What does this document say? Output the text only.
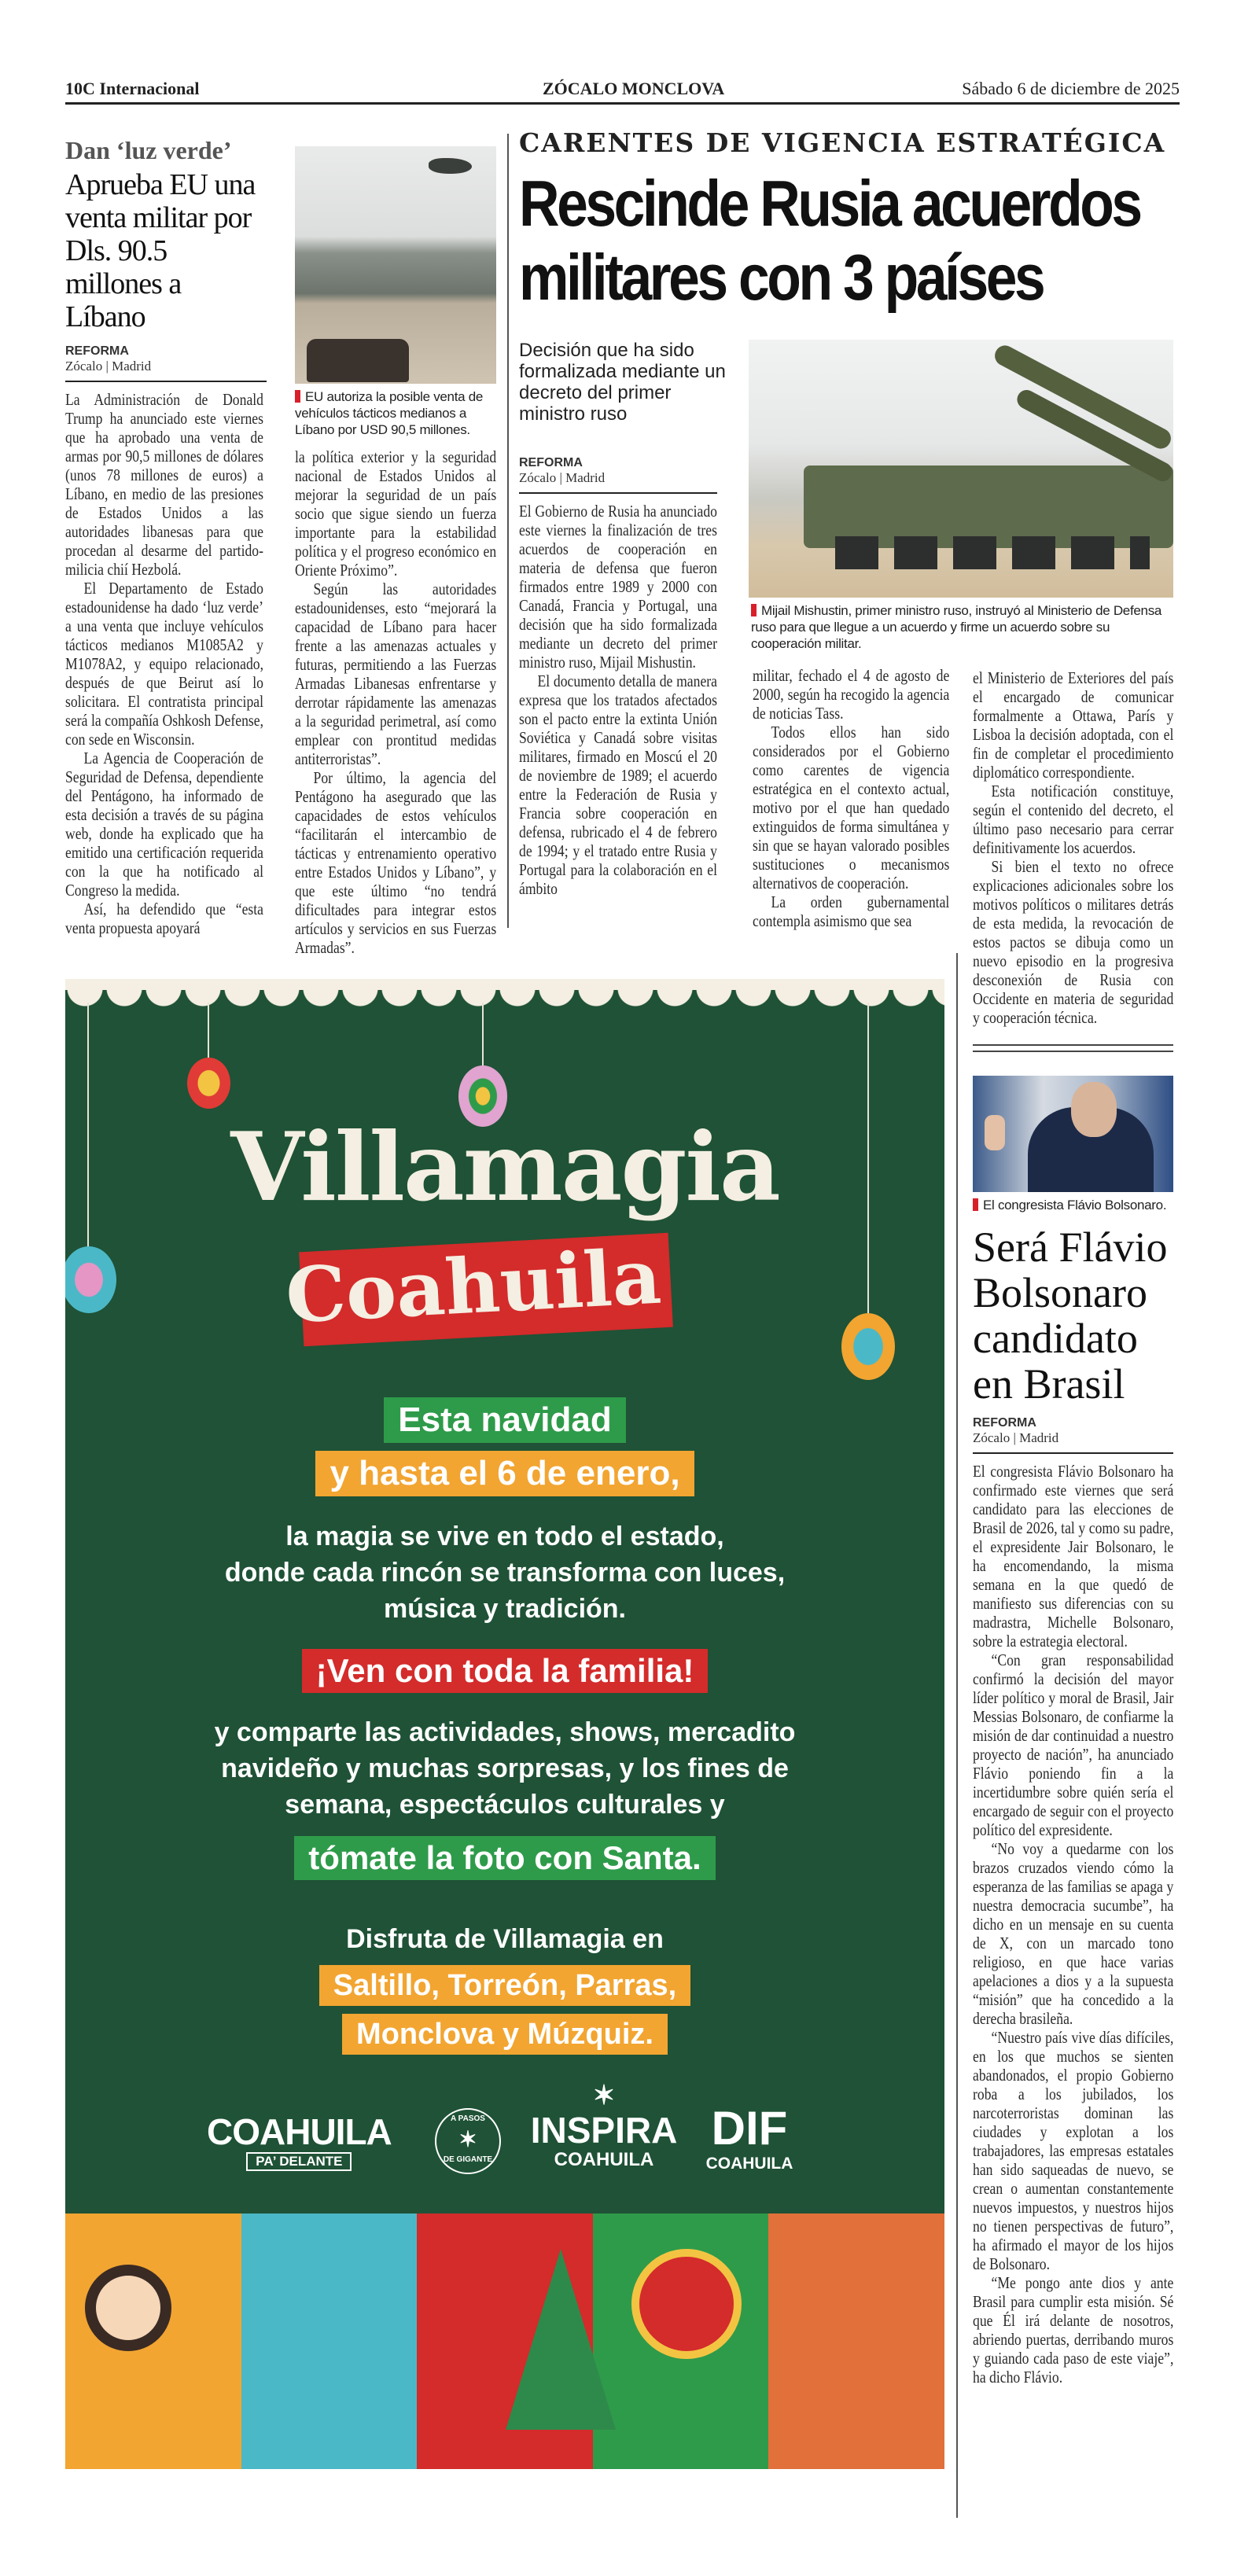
10C Internacional	ZÓCALO MONCLOVA	Sábado 6 de diciembre de 2025
Dan ‘luz verde’
Aprueba EU una venta militar por Dls. 90.5 millones a Líbano
REFORMA
Zócalo | Madrid

La Administración de Donald Trump ha anunciado este viernes que ha aprobado una venta de armas por 90,5 millones de dólares (unos 78 millones de euros) a Líbano, en medio de las presiones de Estados Unidos a las autoridades libanesas para que procedan al desarme del partido-milicia chií Hezbolá.

El Departamento de Estado estadounidense ha dado ‘luz verde’ a una venta que incluye vehículos tácticos medianos M1085A2 y M1078A2, y equipo relacionado, después de que Beirut así lo solicitara. El contratista principal será la compañía Oshkosh Defense, con sede en Wisconsin.

La Agencia de Cooperación de Seguridad de Defensa, dependiente del Pentágono, ha informado de esta decisión a través de su página web, donde ha explicado que ha emitido una certificación requerida con la que ha notificado al Congreso la medida.

Así, ha defendido que “esta venta propuesta apoyará

EU autoriza la posible venta de vehículos tácticos medianos a Líbano por USD 90,5 millones.

la política exterior y la seguridad nacional de Estados Unidos al mejorar la seguridad de un país socio que sigue siendo un fuerza importante para la estabilidad política y el progreso económico en Oriente Próximo”.

Según las autoridades estadounidenses, esto “mejorará la capacidad de Líbano para hacer frente a las amenazas actuales y futuras, permitiendo a las Fuerzas Armadas Libanesas enfrentarse y derrotar rápidamente las amenazas a la seguridad perimetral, así como emplear con prontitud medidas antiterroristas”.

Por último, la agencia del Pentágono ha asegurado que las capacidades de estos vehículos “facilitarán el intercambio de tácticas y entrenamiento operativo entre Estados Unidos y Líbano”, y que este último “no tendrá dificultades para integrar estos artículos y servicios en sus Fuerzas Armadas”.

CARENTES DE VIGENCIA ESTRATÉGICA
Rescinde Rusia acuerdos militares con 3 países
Decisión que ha sido formalizada mediante un decreto del primer ministro ruso
REFORMA
Zócalo | Madrid

El Gobierno de Rusia ha anunciado este viernes la finalización de tres acuerdos de cooperación en materia de defensa que fueron firmados entre 1989 y 2000 con Canadá, Francia y Portugal, una decisión que ha sido formalizada mediante un decreto del primer ministro ruso, Mijail Mishustin.

El documento detalla de manera expresa que los tratados afectados son el pacto entre la extinta Unión Soviética y Canadá sobre visitas militares, firmado en Moscú el 20 de noviembre de 1989; el acuerdo entre la Federación de Rusia y Francia sobre cooperación en defensa, rubricado el 4 de febrero de 1994; y el tratado entre Rusia y Portugal para la colaboración en el ámbito

Mijail Mishustin, primer ministro ruso, instruyó al Ministerio de Defensa ruso para que llegue a un acuerdo y firme un acuerdo sobre su cooperación militar.

militar, fechado el 4 de agosto de 2000, según ha recogido la agencia de noticias Tass.

Todos ellos han sido considerados por el Gobierno como carentes de vigencia estratégica en el contexto actual, motivo por el que han quedado extinguidos de forma simultánea y sin que se hayan valorado posibles sustituciones o mecanismos alternativos de cooperación.

La orden gubernamental contempla asimismo que sea

el Ministerio de Exteriores del país el encargado de comunicar formalmente a Ottawa, París y Lisboa la decisión adoptada, con el fin de completar el procedimiento diplomático correspondiente.

Esta notificación constituye, según el contenido del decreto, el último paso necesario para cerrar definitivamente los acuerdos.

Si bien el texto no ofrece explicaciones adicionales sobre los motivos políticos o militares detrás de esta medida, la revocación de estos pactos se dibuja como un nuevo episodio en la progresiva desconexión de Rusia con Occidente en materia de seguridad y cooperación técnica.

El congresista Flávio Bolsonaro.
Será Flávio Bolsonaro candidato en Brasil
REFORMA
Zócalo | Madrid

El congresista Flávio Bolsonaro ha confirmado este viernes que será candidato para las elecciones de Brasil de 2026, tal y como su padre, el expresidente Jair Bolsonaro, le ha encomendando, la misma semana en la que quedó de manifiesto sus diferencias con su madrastra, Michelle Bolsonaro, sobre la estrategia electoral.

“Con gran responsabilidad confirmó la decisión del mayor líder político y moral de Brasil, Jair Messias Bolsonaro, de confiarme la misión de dar continuidad a nuestro proyecto de nación”, ha anunciado Flávio poniendo fin a la incertidumbre sobre quién sería el encargado de seguir con el proyecto político del expresidente.

“No voy a quedarme con los brazos cruzados viendo cómo la esperanza de las familias se apaga y nuestra democracia sucumbe”, ha dicho en un mensaje en su cuenta de X, con un marcado tono religioso, en que hace varias apelaciones a dios y a la supuesta “misión” que ha concedido a la derecha brasileña.

“Nuestro país vive días difíciles, en los que muchos se sienten abandonados, el propio Gobierno roba a los jubilados, los narcoterroristas dominan las ciudades y explotan a los trabajadores, las empresas estatales han sido saqueadas de nuevo, se crean o aumentan constantemente nuevos impuestos, y nuestros hijos no tienen perspectivas de futuro”, ha afirmado el mayor de los hijos de Bolsonaro.

“Me pongo ante dios y ante Brasil para cumplir esta misión. Sé que Él irá delante de nosotros, abriendo puertas, derribando muros y guiando cada paso de este viaje”, ha dicho Flávio.

Villamagia
Coahuila
Esta navidad
y hasta el 6 de enero,
la magia se vive en todo el estado,
donde cada rincón se transforma con luces,
música y tradición.
¡Ven con toda la familia!
y comparte las actividades, shows, mercadito
navideño y muchas sorpresas, y los fines de
semana, espectáculos culturales y
tómate la foto con Santa.
Disfruta de Villamagia en
Saltillo, Torreón, Parras,
Monclova y Múzquiz.
COAHUILA
PA’ DELANTE
A PASOS
✶
DE GIGANTE
✶
INSPIRA
COAHUILA
DIF
COAHUILA
